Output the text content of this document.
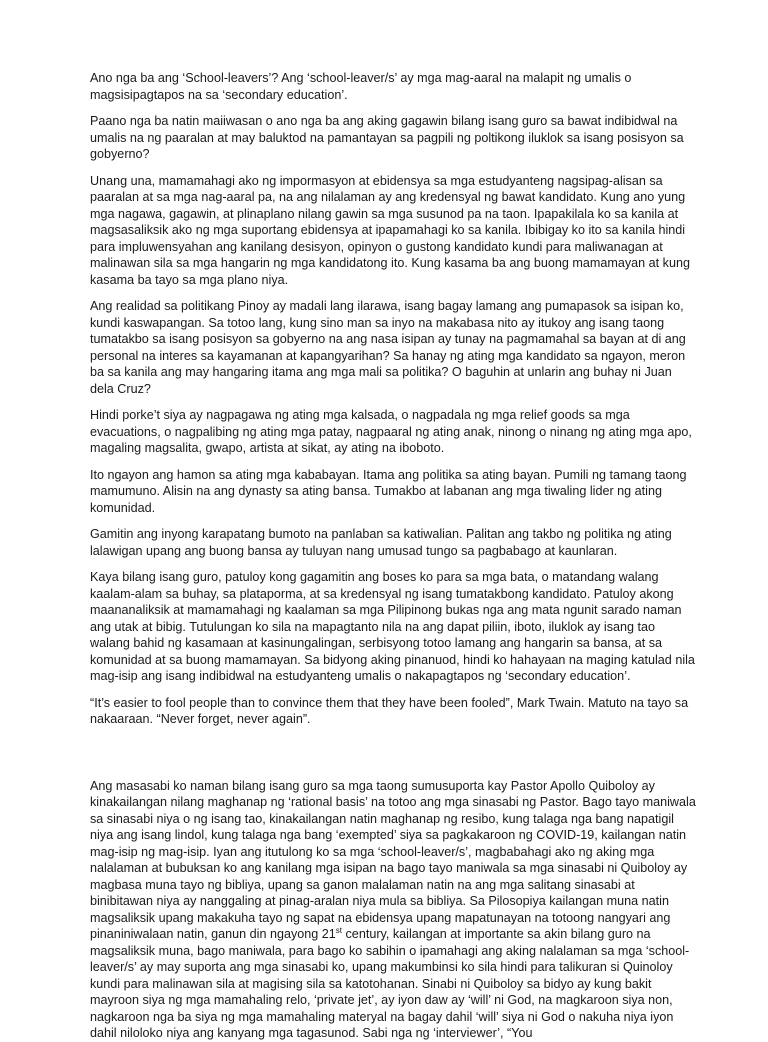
Ano nga ba ang ‘School-leavers’? Ang ‘school-leaver/s’ ay mga mag-aaral na malapit ng umalis o magsisipagtapos na sa ‘secondary education’.

Paano nga ba natin maiiwasan o ano nga ba ang aking gagawin bilang isang guro sa bawat indibidwal na umalis na ng paaralan at may baluktod na pamantayan sa pagpili ng poltikong iluklok sa isang posisyon sa gobyerno?

Unang una, mamamahagi ako ng impormasyon at ebidensya sa mga estudyanteng nagsipag-alisan sa paaralan at sa mga nag-aaral pa, na ang nilalaman ay ang kredensyal ng bawat kandidato. Kung ano yung mga nagawa, gagawin, at plinaplano nilang gawin sa mga susunod pa na taon. Ipapakilala ko sa kanila at magsasaliksik ako ng mga suportang ebidensya at ipapamahagi ko sa kanila. Ibibigay ko ito sa kanila hindi para impluwensyahan ang kanilang desisyon, opinyon o gustong kandidato kundi para maliwanagan at malinawan sila sa mga hangarin ng mga kandidatong ito. Kung kasama ba ang buong mamamayan at kung kasama ba tayo sa mga plano niya.

Ang realidad sa politikang Pinoy ay madali lang ilarawa, isang bagay lamang ang pumapasok sa isipan ko, kundi kaswapangan. Sa totoo lang, kung sino man sa inyo na makabasa nito ay itukoy ang isang taong tumatakbo sa isang posisyon sa gobyerno na ang nasa isipan ay tunay na pagmamahal sa bayan at di ang personal na interes sa kayamanan at kapangyarihan? Sa hanay ng ating mga kandidato sa ngayon, meron ba sa kanila ang may hangaring itama ang mga mali sa politika? O baguhin at unlarin ang buhay ni Juan dela Cruz?

Hindi porke’t siya ay nagpagawa ng ating mga kalsada, o nagpadala ng mga relief goods sa mga evacuations, o nagpalibing ng ating mga patay, nagpaaral ng ating anak, ninong o ninang ng ating mga apo, magaling magsalita, gwapo, artista at sikat, ay ating na iboboto.

Ito ngayon ang hamon sa ating mga kababayan. Itama ang politika sa ating bayan. Pumili ng tamang taong mamumuno. Alisin na ang dynasty sa ating bansa. Tumakbo at labanan ang mga tiwaling lider ng ating komunidad.

Gamitin ang inyong karapatang bumoto na panlaban sa katiwalian. Palitan ang takbo ng politika ng ating lalawigan upang ang buong bansa ay tuluyan nang umusad tungo sa pagbabago at kaunlaran.

Kaya bilang isang guro, patuloy kong gagamitin ang boses ko para sa mga bata, o matandang walang kaalam-alam sa buhay, sa plataporma, at sa kredensyal ng isang tumatakbong kandidato. Patuloy akong maananaliksik at mamamahagi ng kaalaman sa mga Pilipinong bukas nga ang mata ngunit sarado naman ang utak at bibig. Tutulungan ko sila na mapagtanto nila na ang dapat piliin, iboto, iluklok ay isang tao walang bahid ng kasamaan at kasinungalingan, serbisyong totoo lamang ang hangarin sa bansa, at sa komunidad at sa buong mamamayan. Sa bidyong aking pinanuod, hindi ko hahayaan na maging katulad nila mag-isip ang isang indibidwal na estudyanteng umalis o nakapagtapos ng ‘secondary education’.

“It’s easier to fool people than to convince them that they have been fooled”, Mark Twain. Matuto na tayo sa nakaaraan. “Never forget, never again”.

Ang masasabi ko naman bilang isang guro sa mga taong sumusuporta kay Pastor Apollo Quiboloy ay kinakailangan nilang maghanap ng ‘rational basis’ na totoo ang mga sinasabi ng Pastor. Bago tayo maniwala sa sinasabi niya o ng isang tao, kinakailangan natin maghanap ng resibo, kung talaga nga bang napatigil niya ang isang lindol, kung talaga nga bang ‘exempted’ siya sa pagkakaroon ng COVID-19, kailangan natin mag-isip ng mag-isip. Iyan ang itutulong ko sa mga ‘school-leaver/s’, magbabahagi ako ng aking mga nalalaman at bubuksan ko ang kanilang mga isipan na bago tayo maniwala sa mga sinasabi ni Quiboloy ay magbasa muna tayo ng bibliya, upang sa ganon malalaman natin na ang mga salitang sinasabi at binibitawan niya ay nanggaling at pinag-aralan niya mula sa bibliya. Sa Pilosopiya kailangan muna natin magsaliksik upang makakuha tayo ng sapat na ebidensya upang mapatunayan na totoong nangyari ang pinaniniwalaan natin, ganun din ngayong 21st century, kailangan at importante sa akin bilang guro na magsaliksik muna, bago maniwala, para bago ko sabihin o ipamahagi ang aking nalalaman sa mga ‘school-leaver/s’ ay may suporta ang mga sinasabi ko, upang makumbinsi ko sila hindi para talikuran si Quinoloy kundi para malinawan sila at magising sila sa katotohanan. Sinabi ni Quiboloy sa bidyo ay kung bakit mayroon siya ng mga mamahaling relo, ‘private jet’, ay iyon daw ay ‘will’ ni God, na magkaroon siya non, nagkaroon nga ba siya ng mga mamahaling materyal na bagay dahil ‘will’ siya ni God o nakuha niya iyon dahil niloloko niya ang kanyang mga tagasunod. Sabi nga ng ‘interviewer’, “You
